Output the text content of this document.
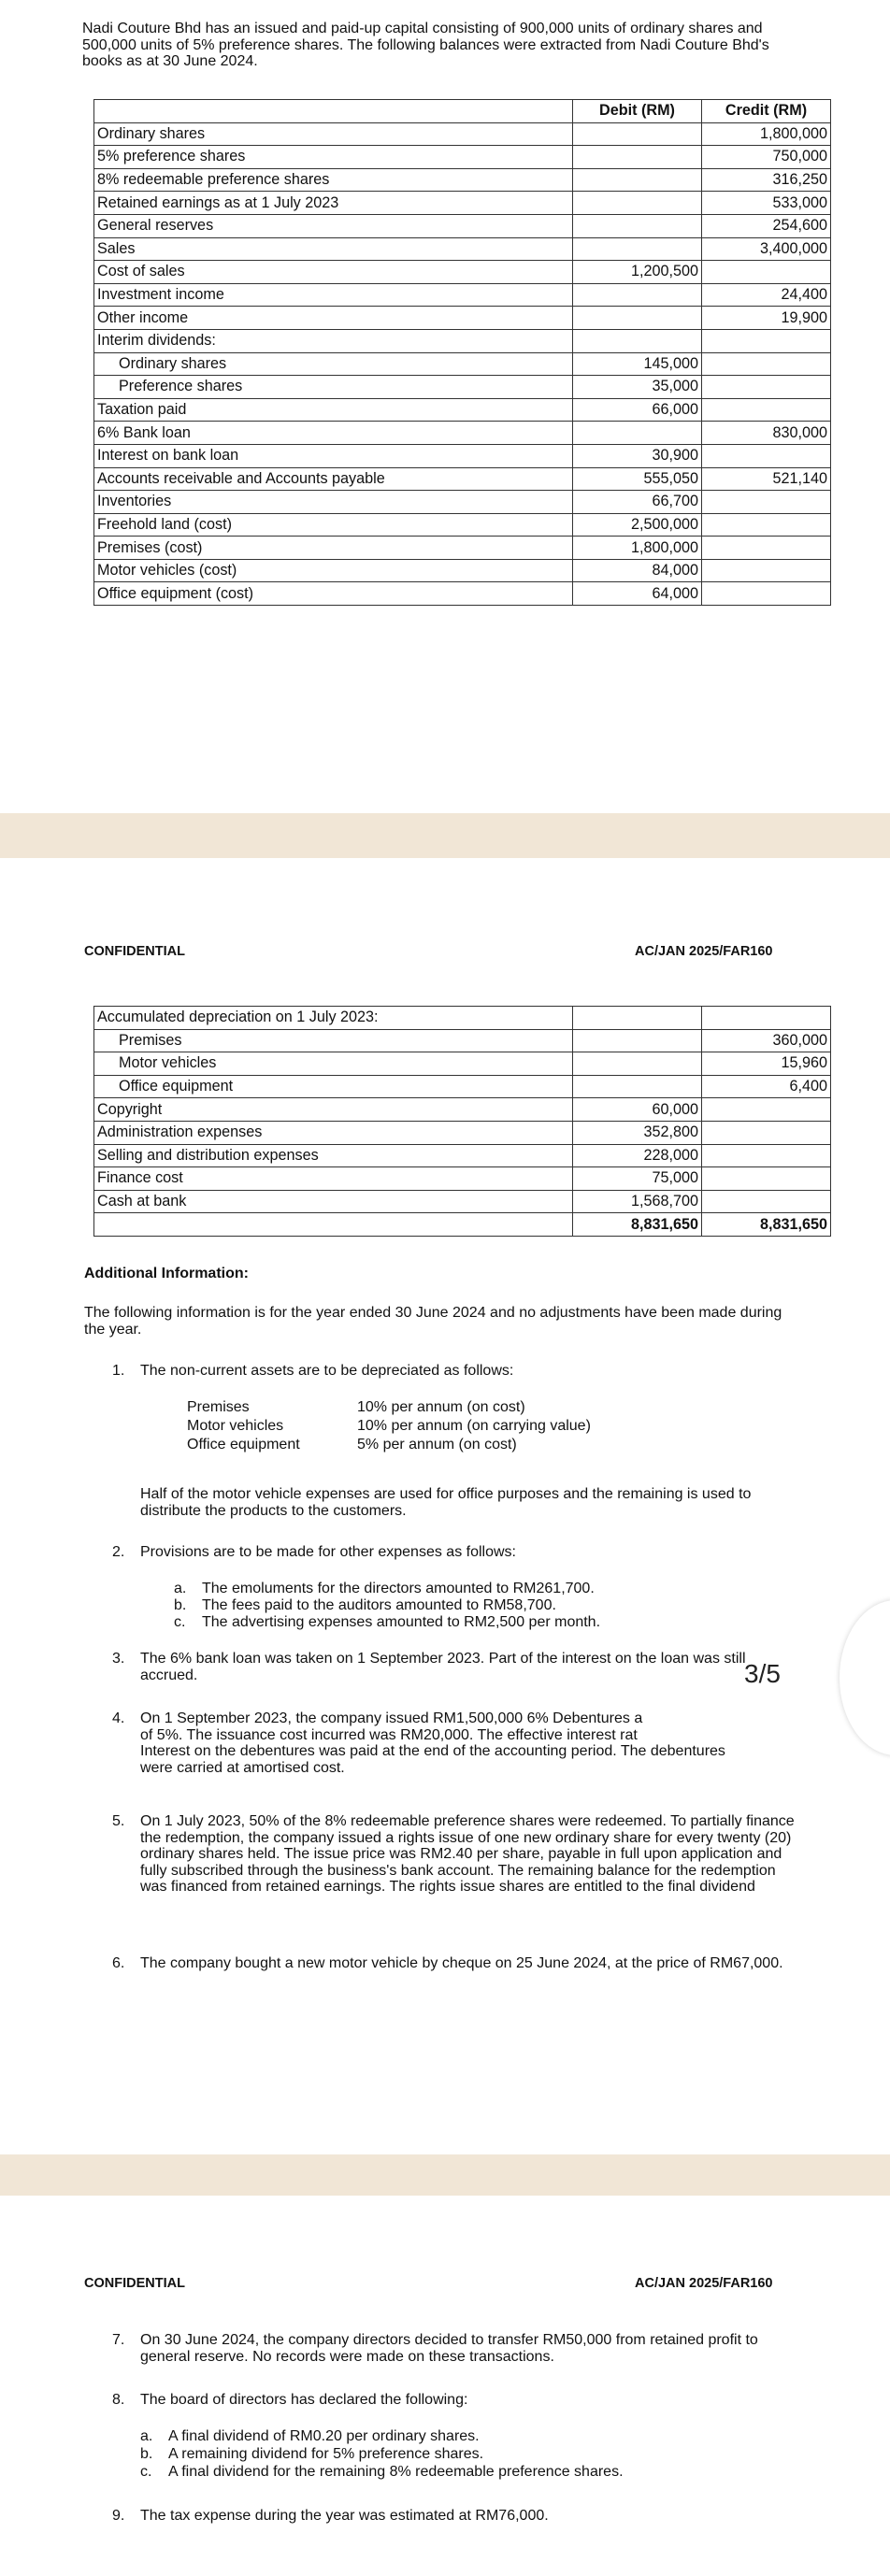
Nadi Couture Bhd has an issued and paid-up capital consisting of 900,000 units of ordinary shares and 500,000 units of 5% preference shares. The following balances were extracted from Nadi Couture Bhd's books as at 30 June 2024.
	Debit (RM)	Credit (RM)
Ordinary shares		1,800,000
5% preference shares		750,000
8% redeemable preference shares		316,250
Retained earnings as at 1 July 2023		533,000
General reserves		254,600
Sales		3,400,000
Cost of sales	1,200,500	
Investment income		24,400
Other income		19,900
Interim dividends:		
Ordinary shares	145,000	
Preference shares	35,000	
Taxation paid	66,000	
6% Bank loan		830,000
Interest on bank loan	30,900	
Accounts receivable and Accounts payable	555,050	521,140
Inventories	66,700	
Freehold land (cost)	2,500,000	
Premises (cost)	1,800,000	
Motor vehicles (cost)	84,000	
Office equipment (cost)	64,000	
CONFIDENTIAL	AC/JAN 2025/FAR160
Accumulated depreciation on 1 July 2023:		
Premises		360,000
Motor vehicles		15,960
Office equipment		6,400
Copyright	60,000	
Administration expenses	352,800	
Selling and distribution expenses	228,000	
Finance cost	75,000	
Cash at bank	1,568,700	
	8,831,650	8,831,650
Additional Information:
The following information is for the year ended 30 June 2024 and no adjustments have been made during the year.
1. The non-current assets are to be depreciated as follows:
Premises	10% per annum (on cost)
Motor vehicles	10% per annum (on carrying value)
Office equipment	5% per annum (on cost)
Half of the motor vehicle expenses are used for office purposes and the remaining is used to distribute the products to the customers.
2. Provisions are to be made for other expenses as follows:
a. The emoluments for the directors amounted to RM261,700.
b. The fees paid to the auditors amounted to RM58,700.
c. The advertising expenses amounted to RM2,500 per month.
3. The 6% bank loan was taken on 1 September 2023. Part of the interest on the loan was still accrued.
4. On 1 September 2023, the company issued RM1,500,000 6% Debentures a
of 5%. The issuance cost incurred was RM20,000. The effective interest rat
Interest on the debentures was paid at the end of the accounting period. The debentures
were carried at amortised cost.
5. On 1 July 2023, 50% of the 8% redeemable preference shares were redeemed. To partially finance the redemption, the company issued a rights issue of one new ordinary share for every twenty (20) ordinary shares held. The issue price was RM2.40 per share, payable in full upon application and fully subscribed through the business's bank account. The remaining balance for the redemption was financed from retained earnings. The rights issue shares are entitled to the final dividend
6. The company bought a new motor vehicle by cheque on 25 June 2024, at the price of RM67,000.
3/5
CONFIDENTIAL	AC/JAN 2025/FAR160
7. On 30 June 2024, the company directors decided to transfer RM50,000 from retained profit to general reserve. No records were made on these transactions.
8. The board of directors has declared the following:
a. A final dividend of RM0.20 per ordinary shares.
b. A remaining dividend for 5% preference shares.
c. A final dividend for the remaining 8% redeemable preference shares.
9. The tax expense during the year was estimated at RM76,000.
